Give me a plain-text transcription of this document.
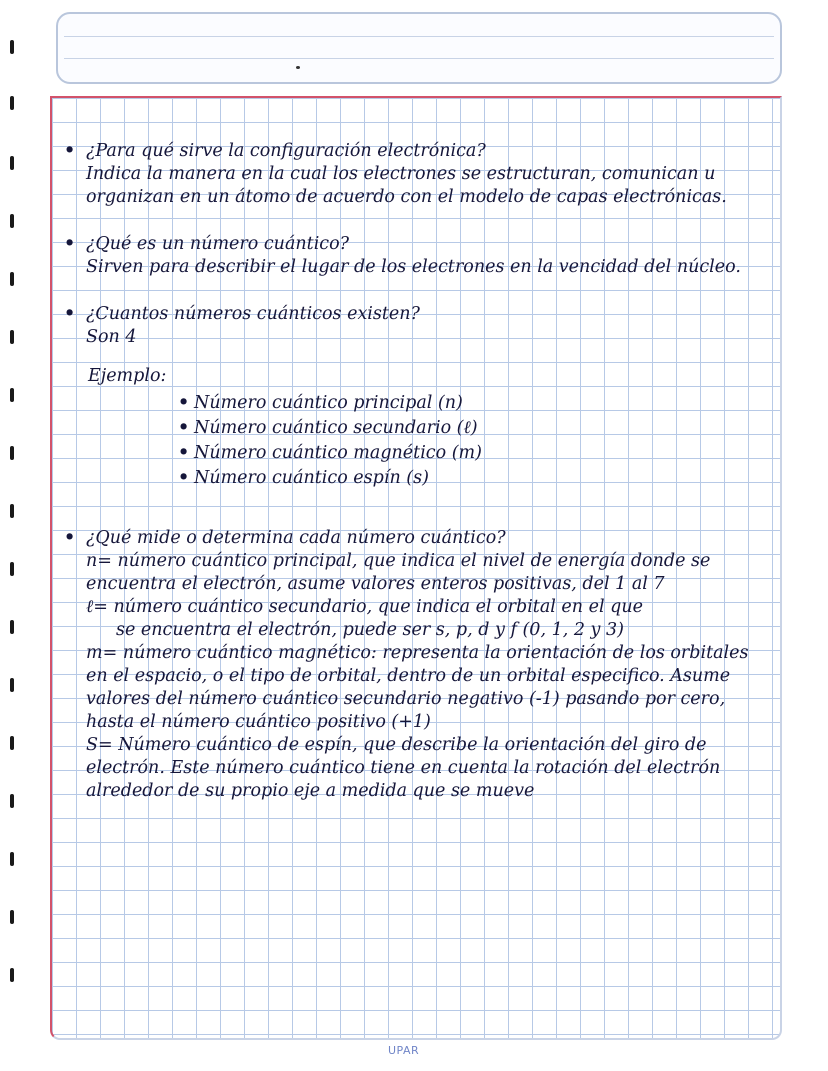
• ¿Para qué sirve la configuración electrónica?

Indica la manera en la cual los electrones se estructuran, comunican u organizan en un átomo de acuerdo con el modelo de capas electrónicas.

• ¿Qué es un número cuántico?

Sirven para describir el lugar de los electrones en la vencidad del núcleo.

• ¿Cuantos números cuánticos existen?

Son 4

Ejemplo:
• Número cuántico principal (n)
• Número cuántico secundario (ℓ)
• Número cuántico magnético (m)
• Número cuántico espín (s)
• ¿Qué mide o determina cada número cuántico?

n= número cuántico principal, que indica el nivel de energía donde se encuentra el electrón, asume valores enteros positivas, del 1 al 7

ℓ= número cuántico secundario, que indica el orbital en el que

se encuentra el electrón, puede ser s, p, d y f (0, 1, 2 y 3)

m= número cuántico magnético: representa la orientación de los orbitales en el espacio, o el tipo de orbital, dentro de un orbital especifico. Asume valores del número cuántico secundario negativo (-1) pasando por cero, hasta el número cuántico positivo (+1)

S= Número cuántico de espín, que describe la orientación del giro de electrón. Este número cuántico tiene en cuenta la rotación del electrón alrededor de su propio eje a medida que se mueve

UPAR
